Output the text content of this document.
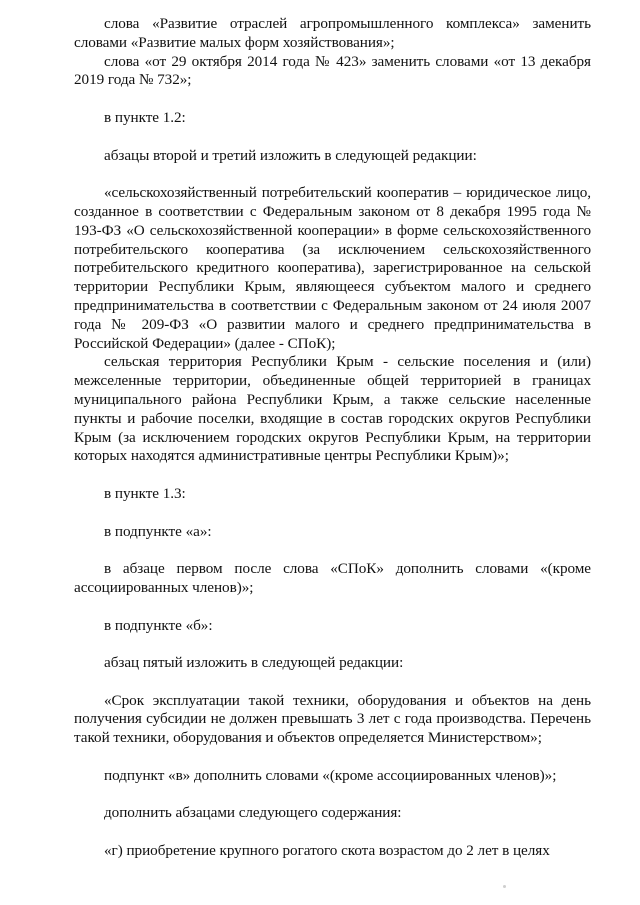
слова «Развитие отраслей агропромышленного комплекса» заменить словами «Развитие малых форм хозяйствования»;

слова «от 29 октября 2014 года № 423» заменить словами «от 13 декабря 2019 года № 732»;

в пункте 1.2:

абзацы второй и третий изложить в следующей редакции:

«сельскохозяйственный потребительский кооператив – юридическое лицо, созданное в соответствии с Федеральным законом от 8 декабря 1995 года № 193-ФЗ «О сельскохозяйственной кооперации» в форме сельскохозяйственного потребительского кооператива (за исключением сельскохозяйственного потребительского кредитного кооператива), зарегистрированное на сельской территории Республики Крым, являющееся субъектом малого и среднего предпринимательства в соответствии с Федеральным законом от 24 июля 2007 года № 209-ФЗ «О развитии малого и среднего предпринимательства в Российской Федерации» (далее - СПоК);

сельская территория Республики Крым - сельские поселения и (или) межселенные территории, объединенные общей территорией в границах муниципального района Республики Крым, а также сельские населенные пункты и рабочие поселки, входящие в состав городских округов Республики Крым (за исключением городских округов Республики Крым, на территории которых находятся административные центры Республики Крым)»;

в пункте 1.3:

в подпункте «а»:

в абзаце первом после слова «СПоК» дополнить словами «(кроме ассоциированных членов)»;

в подпункте «б»:

абзац пятый изложить в следующей редакции:

«Срок эксплуатации такой техники, оборудования и объектов на день получения субсидии не должен превышать 3 лет с года производства. Перечень такой техники, оборудования и объектов определяется Министерством»;

подпункт «в» дополнить словами «(кроме ассоциированных членов)»;

дополнить абзацами следующего содержания:

«г) приобретение крупного рогатого скота возрастом до 2 лет в целях
